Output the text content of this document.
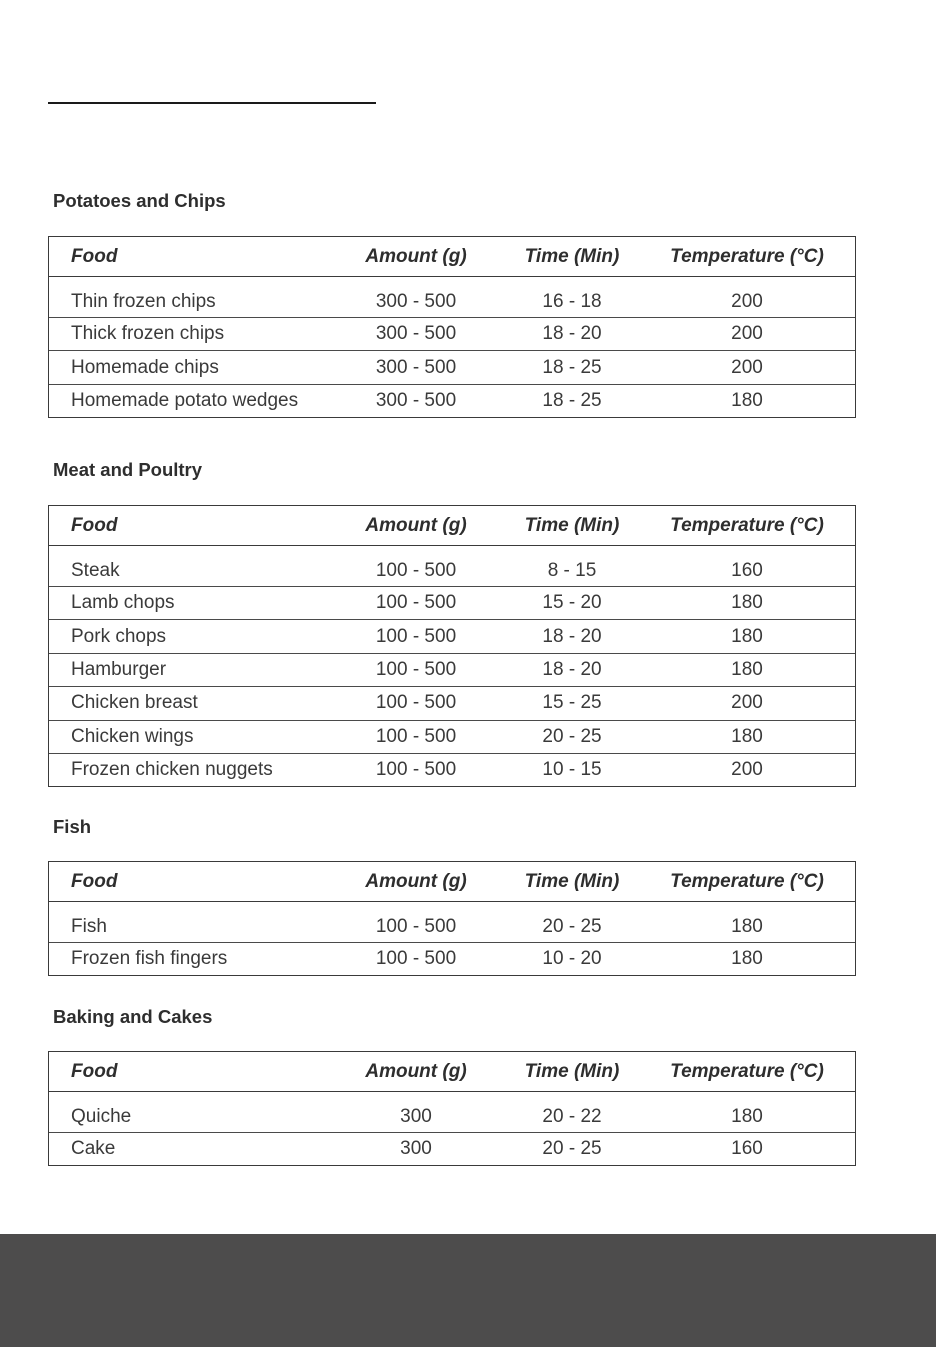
Potatoes and Chips
Food	Amount (g)	Time (Min)	Temperature (°C)
Thin frozen chips	300 - 500	16 - 18	200
Thick frozen chips	300 - 500	18 - 20	200
Homemade chips	300 - 500	18 - 25	200
Homemade potato wedges	300 - 500	18 - 25	180
Meat and Poultry
Food	Amount (g)	Time (Min)	Temperature (°C)
Steak	100 - 500	8 - 15	160
Lamb chops	100 - 500	15 - 20	180
Pork chops	100 - 500	18 - 20	180
Hamburger	100 - 500	18 - 20	180
Chicken breast	100 - 500	15 - 25	200
Chicken wings	100 - 500	20 - 25	180
Frozen chicken nuggets	100 - 500	10 - 15	200
Fish
Food	Amount (g)	Time (Min)	Temperature (°C)
Fish	100 - 500	20 - 25	180
Frozen fish fingers	100 - 500	10 - 20	180
Baking and Cakes
Food	Amount (g)	Time (Min)	Temperature (°C)
Quiche	300	20 - 22	180
Cake	300	20 - 25	160
